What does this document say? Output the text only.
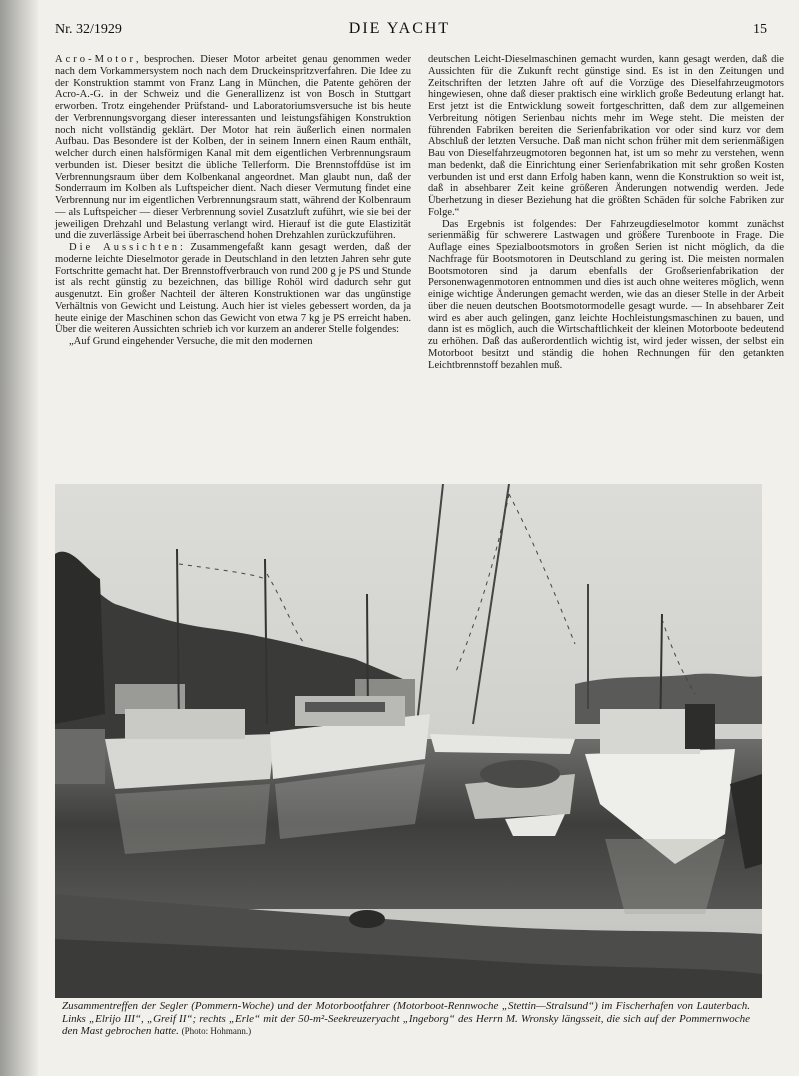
Nr. 32/1929	DIE YACHT	15

Acro-Motor, besprochen. Dieser Motor arbeitet genau genommen weder nach dem Vorkammersystem noch nach dem Druckeinspritzverfahren. Die Idee zu der Konstruktion stammt von Franz Lang in München, die Patente gehören der Acro-A.-G. in der Schweiz und die Generallizenz ist von Bosch in Stuttgart erworben. Trotz eingehender Prüfstand- und Laboratoriumsversuche ist bis heute der Verbrennungsvorgang dieser interessanten und leistungsfähigen Konstruktion noch nicht vollständig geklärt. Der Motor hat rein äußerlich einen normalen Aufbau. Das Besondere ist der Kolben, der in seinem Innern einen Raum enthält, welcher durch einen halsförmigen Kanal mit dem eigentlichen Verbrennungsraum verbunden ist. Dieser besitzt die übliche Tellerform. Die Brennstoffdüse ist im Verbrennungsraum über dem Kolbenkanal angeordnet. Man glaubt nun, daß der Sonderraum im Kolben als Luftspeicher dient. Nach dieser Vermutung findet eine Verbrennung nur im eigentlichen Verbrennungsraum statt, während der Kolbenraum — als Luftspeicher — dieser Verbrennung soviel Zusatzluft zuführt, wie sie bei der jeweiligen Drehzahl und Belastung verlangt wird. Hierauf ist die gute Elastizität und die zuverlässige Arbeit bei überraschend hohen Drehzahlen zurückzuführen.

Die Aussichten: Zusammengefaßt kann gesagt werden, daß der moderne leichte Dieselmotor gerade in Deutschland in den letzten Jahren sehr gute Fortschritte gemacht hat. Der Brennstoffverbrauch von rund 200 g je PS und Stunde ist als recht günstig zu bezeichnen, das billige Rohöl wird dadurch sehr gut ausgenutzt. Ein großer Nachteil der älteren Konstruktionen war das ungünstige Verhältnis von Gewicht und Leistung. Auch hier ist vieles gebessert worden, da ja heute einige der Maschinen schon das Gewicht von etwa 7 kg je PS erreicht haben. Über die weiteren Aussichten schrieb ich vor kurzem an anderer Stelle folgendes:

„Auf Grund eingehender Versuche, die mit den modernen

deutschen Leicht-Dieselmaschinen gemacht wurden, kann gesagt werden, daß die Aussichten für die Zukunft recht günstige sind. Es ist in den Zeitungen und Zeitschriften der letzten Jahre oft auf die Vorzüge des Dieselfahrzeugmotors hingewiesen, ohne daß dieser praktisch eine wirklich große Bedeutung erlangt hat. Erst jetzt ist die Entwicklung soweit fortgeschritten, daß dem zur allgemeinen Verbreitung nötigen Serienbau nichts mehr im Wege steht. Die meisten der führenden Fabriken bereiten die Serienfabrikation vor oder sind kurz vor dem Abschluß der letzten Versuche. Daß man nicht schon früher mit dem serienmäßigen Bau von Dieselfahrzeugmotoren begonnen hat, ist um so mehr zu verstehen, wenn man bedenkt, daß die Einrichtung einer Serienfabrikation mit sehr großen Kosten verbunden ist und erst dann Erfolg haben kann, wenn die Konstruktion so weit ist, daß in absehbarer Zeit keine größeren Änderungen notwendig werden. Jede Überhetzung in dieser Beziehung hat die größten Schäden für solche Fabriken zur Folge.“

Das Ergebnis ist folgendes: Der Fahrzeugdieselmotor kommt zunächst serienmäßig für schwerere Lastwagen und größere Turenboote in Frage. Die Auflage eines Spezialbootsmotors in großen Serien ist nicht möglich, da die Nachfrage für Bootsmotoren in Deutschland zu gering ist. Die meisten normalen Bootsmotoren sind ja darum ebenfalls der Großserienfabrikation der Personenwagenmotoren entnommen und dies ist auch ohne weiteres möglich, wenn einige wichtige Änderungen gemacht werden, wie das an dieser Stelle in der Arbeit über die neuen deutschen Bootsmotormodelle gesagt wurde. — In absehbarer Zeit wird es aber auch gelingen, ganz leichte Hochleistungsmaschinen zu bauen, und dann ist es möglich, auch die Wirtschaftlichkeit der kleinen Motorboote bedeutend zu erhöhen. Daß das außerordentlich wichtig ist, wird jeder wissen, der selbst ein Motorboot besitzt und ständig die hohen Rechnungen für den getankten Leichtbrennstoff bezahlen muß.

Zusammentreffen der Segler (Pommern-Woche) und der Motorbootfahrer (Motorboot-Rennwoche „Stettin—Stralsund“) im Fischerhafen von Lauterbach. Links „Elrijo III“, „Greif II“; rechts „Erle“ mit der 50-m²-Seekreuzeryacht „Ingeborg“ des Herrn M. Wronsky längsseit, die sich auf der Pommernwoche den Mast gebrochen hatte. (Photo: Hohmann.)
